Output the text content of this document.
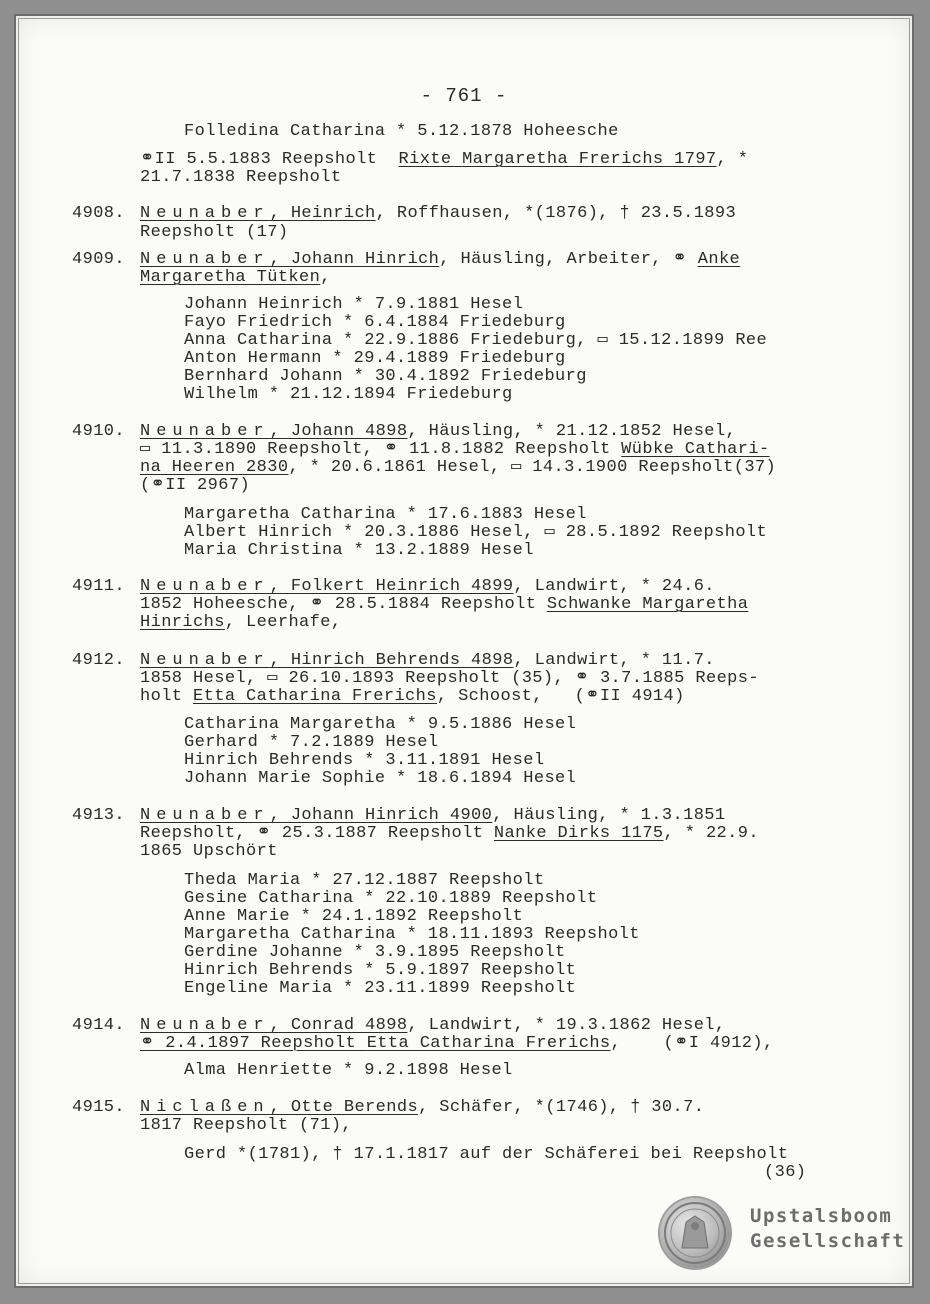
- 761 -
Folledina Catharina * 5.12.1878 Hoheesche
⚭II 5.5.1883 Reepsholt  Rixte Margaretha Frerichs 1797, *
21.7.1838 Reepsholt
4908. Neunaber, Heinrich, Roffhausen, *(1876), † 23.5.1893
Reepsholt (17)
4909. Neunaber, Johann Hinrich, Häusling, Arbeiter, ⚭ Anke
Margaretha Tütken,
Johann Heinrich * 7.9.1881 Hesel
Fayo Friedrich * 6.4.1884 Friedeburg
Anna Catharina * 22.9.1886 Friedeburg, ▭ 15.12.1899 Ree
Anton Hermann * 29.4.1889 Friedeburg
Bernhard Johann * 30.4.1892 Friedeburg
Wilhelm * 21.12.1894 Friedeburg
4910. Neunaber, Johann 4898, Häusling, * 21.12.1852 Hesel,
▭ 11.3.1890 Reepsholt, ⚭ 11.8.1882 Reepsholt Wübke Cathari-
na Heeren 2830, * 20.6.1861 Hesel, ▭ 14.3.1900 Reepsholt(37)
(⚭II 2967)
Margaretha Catharina * 17.6.1883 Hesel
Albert Hinrich * 20.3.1886 Hesel, ▭ 28.5.1892 Reepsholt
Maria Christina * 13.2.1889 Hesel
4911. Neunaber, Folkert Heinrich 4899, Landwirt, * 24.6.
1852 Hoheesche, ⚭ 28.5.1884 Reepsholt Schwanke Margaretha
Hinrichs, Leerhafe,
4912. Neunaber, Hinrich Behrends 4898, Landwirt, * 11.7.
1858 Hesel, ▭ 26.10.1893 Reepsholt (35), ⚭ 3.7.1885 Reeps-
holt Etta Catharina Frerichs, Schoost,   (⚭II 4914)
Catharina Margaretha * 9.5.1886 Hesel
Gerhard * 7.2.1889 Hesel
Hinrich Behrends * 3.11.1891 Hesel
Johann Marie Sophie * 18.6.1894 Hesel
4913. Neunaber, Johann Hinrich 4900, Häusling, * 1.3.1851
Reepsholt, ⚭ 25.3.1887 Reepsholt Nanke Dirks 1175, * 22.9.
1865 Upschört
Theda Maria * 27.12.1887 Reepsholt
Gesine Catharina * 22.10.1889 Reepsholt
Anne Marie * 24.1.1892 Reepsholt
Margaretha Catharina * 18.11.1893 Reepsholt
Gerdine Johanne * 3.9.1895 Reepsholt
Hinrich Behrends * 5.9.1897 Reepsholt
Engeline Maria * 23.11.1899 Reepsholt
4914. Neunaber, Conrad 4898, Landwirt, * 19.3.1862 Hesel,
⚭ 2.4.1897 Reepsholt Etta Catharina Frerichs,    (⚭I 4912),
Alma Henriette * 9.2.1898 Hesel
4915. Niclaßen, Otte Berends, Schäfer, *(1746), † 30.7.
1817 Reepsholt (71),
Gerd *(1781), † 17.1.1817 auf der Schäferei bei Reepsholt
(36)
Upstalsboom
Gesellschaft
